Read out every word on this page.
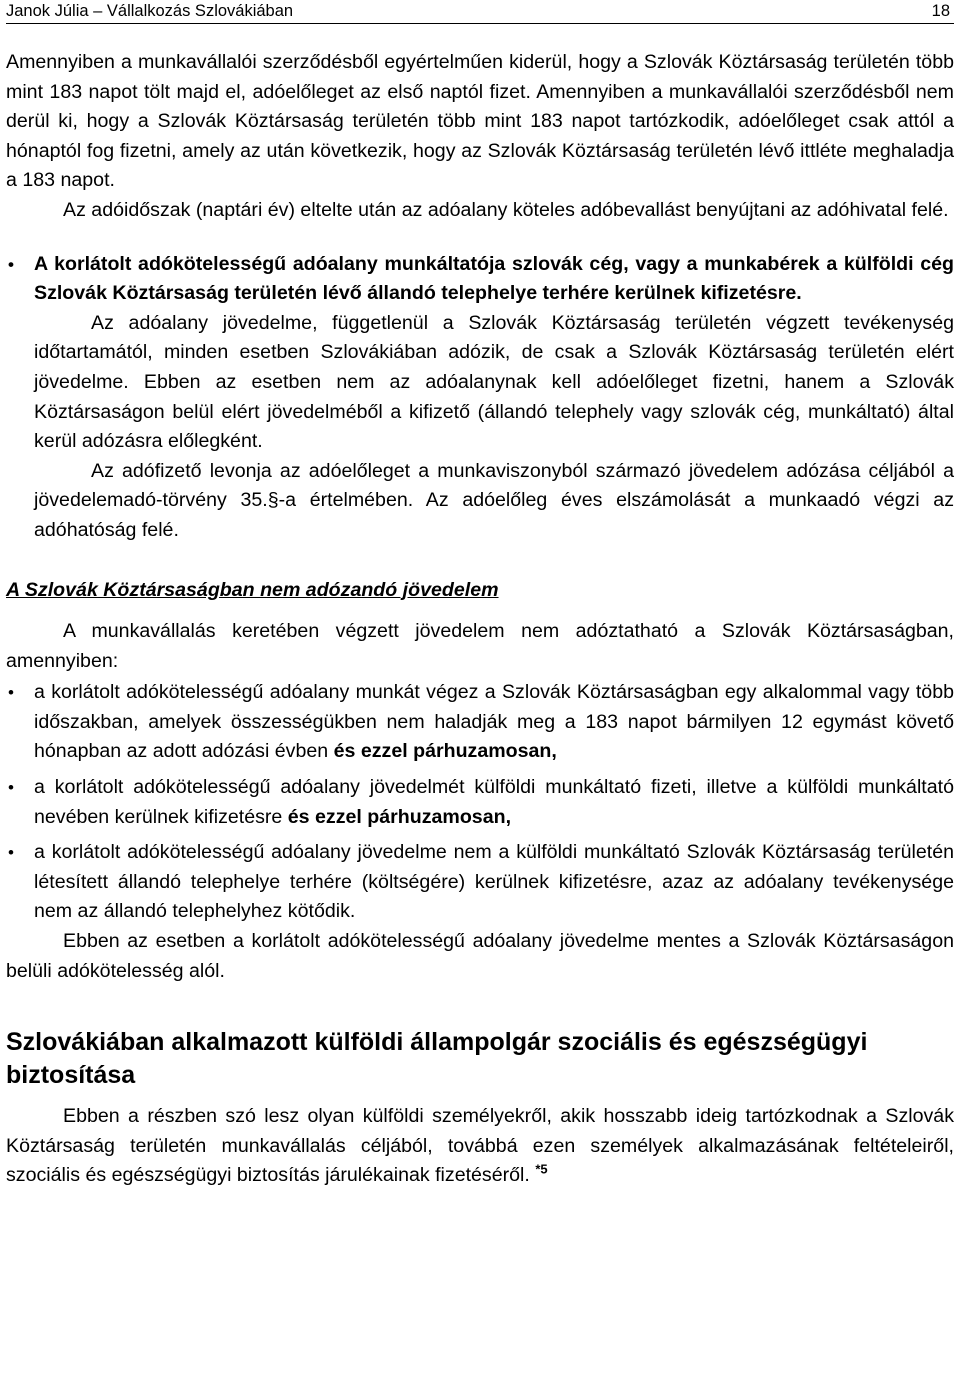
Janok Júlia – Vállalkozás Szlovákiában	18

Amennyiben a munkavállalói szerződésből egyértelműen kiderül, hogy a Szlovák Köztársaság területén több mint 183 napot tölt majd el, adóelőleget az első naptól fizet. Amennyiben a munkavállalói szerződésből nem derül ki, hogy a Szlovák Köztársaság területén több mint 183 napot tartózkodik, adóelőleget csak attól a hónaptól fog fizetni, amely az után következik, hogy az Szlovák Köztársaság területén lévő ittléte meghaladja a 183 napot.

Az adóidőszak (naptári év) eltelte után az adóalany köteles adóbevallást benyújtani az adóhivatal felé.

• A korlátolt adókötelességű adóalany munkáltatója szlovák cég, vagy a munkabérek a külföldi cég Szlovák Köztársaság területén lévő állandó telephelye terhére kerülnek kifizetésre.

Az adóalany jövedelme, függetlenül a Szlovák Köztársaság területén végzett tevékenység időtartamától, minden esetben Szlovákiában adózik, de csak a Szlovák Köztársaság területén elért jövedelme. Ebben az esetben nem az adóalanynak kell adóelőleget fizetni, hanem a Szlovák Köztársaságon belül elért jövedelméből a kifizető (állandó telephely vagy szlovák cég, munkáltató) által kerül adózásra előlegként.

Az adófizető levonja az adóelőleget a munkaviszonyból származó jövedelem adózása céljából a jövedelemadó-törvény 35.§-a értelmében. Az adóelőleg éves elszámolását a munkaadó végzi az adóhatóság felé.

A Szlovák Köztársaságban nem adózandó jövedelem

A munkavállalás keretében végzett jövedelem nem adóztatható a Szlovák Köztársaságban, amennyiben:

• a korlátolt adókötelességű adóalany munkát végez a Szlovák Köztársaságban egy alkalommal vagy több időszakban, amelyek összességükben nem haladják meg a 183 napot bármilyen 12 egymást követő hónapban az adott adózási évben és ezzel párhuzamosan,

• a korlátolt adókötelességű adóalany jövedelmét külföldi munkáltató fizeti, illetve a külföldi munkáltató nevében kerülnek kifizetésre és ezzel párhuzamosan,

• a korlátolt adókötelességű adóalany jövedelme nem a külföldi munkáltató Szlovák Köztársaság területén létesített állandó telephelye terhére (költségére) kerülnek kifizetésre, azaz az adóalany tevékenysége nem az állandó telephelyhez kötődik.

Ebben az esetben a korlátolt adókötelességű adóalany jövedelme mentes a Szlovák Köztársaságon belüli adókötelesség alól.

Szlovákiában alkalmazott külföldi állampolgár szociális és egészségügyi biztosítása

Ebben a részben szó lesz olyan külföldi személyekről, akik hosszabb ideig tartózkodnak a Szlovák Köztársaság területén munkavállalás céljából, továbbá ezen személyek alkalmazásának feltételeiről, szociális és egészségügyi biztosítás járulékainak fizetéséről. $^{*5}$
